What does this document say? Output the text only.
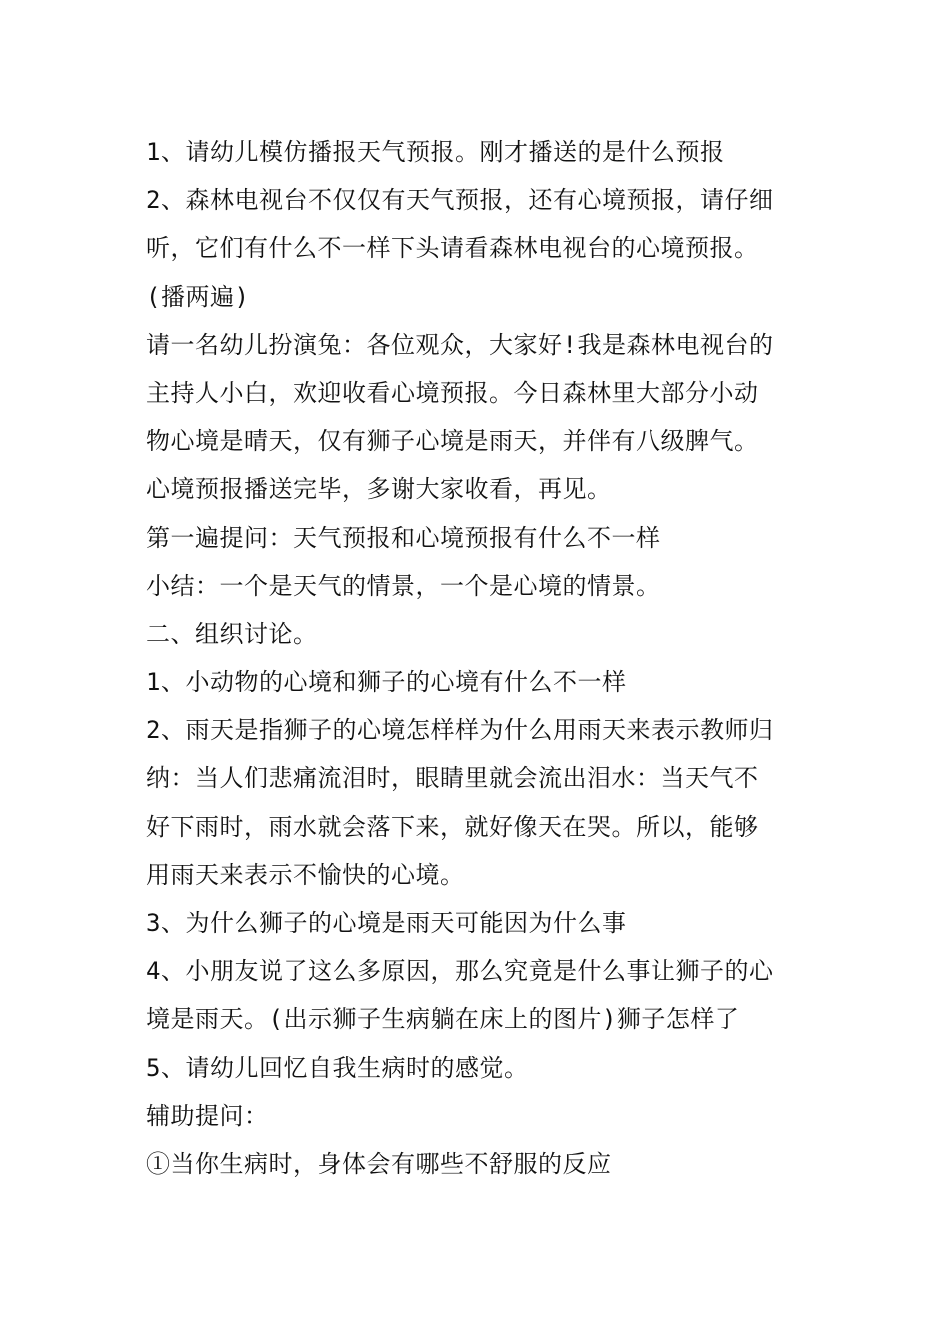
1、请幼儿模仿播报天气预报。刚才播送的是什么预报
2、森林电视台不仅仅有天气预报，还有心境预报，请仔细
听，它们有什么不一样下头请看森林电视台的心境预报。
(播两遍)
请一名幼儿扮演兔：各位观众，大家好!我是森林电视台的
主持人小白，欢迎收看心境预报。今日森林里大部分小动
物心境是晴天，仅有狮子心境是雨天，并伴有八级脾气。
心境预报播送完毕，多谢大家收看，再见。
第一遍提问：天气预报和心境预报有什么不一样
小结：一个是天气的情景，一个是心境的情景。
二、组织讨论。
1、小动物的心境和狮子的心境有什么不一样
2、雨天是指狮子的心境怎样样为什么用雨天来表示教师归
纳：当人们悲痛流泪时，眼睛里就会流出泪水：当天气不
好下雨时，雨水就会落下来，就好像天在哭。所以，能够
用雨天来表示不愉快的心境。
3、为什么狮子的心境是雨天可能因为什么事
4、小朋友说了这么多原因，那么究竟是什么事让狮子的心
境是雨天。(出示狮子生病躺在床上的图片)狮子怎样了
5、请幼儿回忆自我生病时的感觉。
辅助提问：
①当你生病时，身体会有哪些不舒服的反应
